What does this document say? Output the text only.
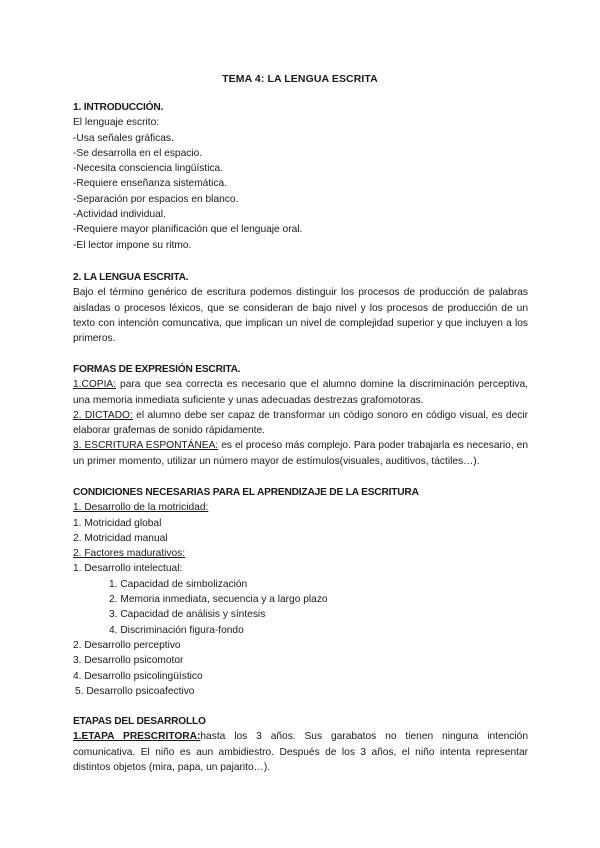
TEMA 4: LA LENGUA ESCRITA
1. INTRODUCCIÓN.
El lenguaje escrito:
-Usa señales gráficas.
-Se desarrolla en el espacio.
-Necesita consciencia lingüística.
-Requiere enseñanza sistemática.
-Separación por espacios en blanco.
-Actividad individual.
-Requiere mayor planificación que el lenguaje oral.
-El lector impone su ritmo.
2. LA LENGUA ESCRITA.
Bajo el término genérico de escritura podemos distinguir los procesos de producción de palabras aisladas o procesos léxicos, que se consideran de bajo nivel y los procesos de producción de un texto con intención comuncativa, que implican un nivel de complejidad superior y que incluyen a los primeros.
FORMAS DE EXPRESIÓN ESCRITA.
1.COPIA: para que sea correcta es necesario que el alumno domine la discriminación perceptiva, una memoria inmediata suficiente y unas adecuadas destrezas grafomotoras.
2. DICTADO: el alumno debe ser capaz de transformar un código sonoro en código visual, es decir elaborar grafemas de sonido rápidamente.
3. ESCRITURA ESPONTÁNEA: es el proceso más complejo. Para poder trabajarla es necesario, en un primer momento, utilizar un número mayor de estímulos(visuales, auditivos, táctiles…).
CONDICIONES NECESARIAS PARA EL APRENDIZAJE DE LA ESCRITURA
1. Desarrollo de la motricidad:
1. Motricidad global
2. Motricidad manual
2. Factores madurativos:
1. Desarrollo intelectual:
1. Capacidad de simbolización
2. Memoria inmediata, secuencia y a largo plazo
3. Capacidad de análisis y síntesis
4. Discriminación figura-fondo
2. Desarrollo perceptivo
3. Desarrollo psicomotor
4. Desarrollo psicolingüístico
5. Desarrollo psicoafectivo
ETAPAS DEL DESARROLLO
1.ETAPA PRESCRITORA:hasta los 3 años. Sus garabatos no tienen ninguna intención comunicativa. El niño es aun ambidiestro. Después de los 3 años, el niño intenta representar distintos objetos (mira, papa, un pajarito…).
